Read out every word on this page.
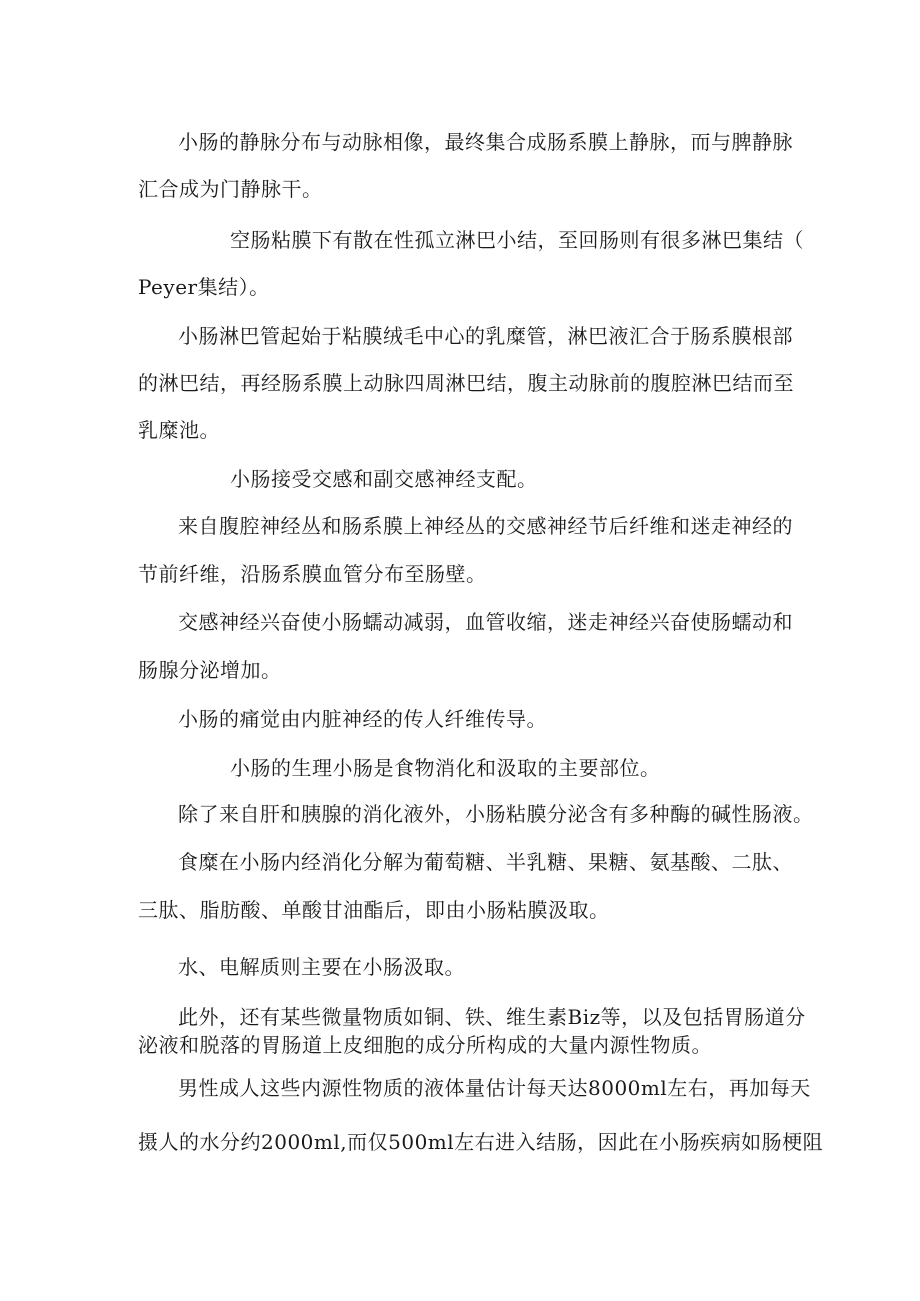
小肠的静脉分布与动脉相像，最终集合成肠系膜上静脉，而与脾静脉
汇合成为门静脉干。
空肠粘膜下有散在性孤立淋巴小结，至回肠则有很多淋巴集结（
Peyer集结）。
小肠淋巴管起始于粘膜绒毛中心的乳糜管，淋巴液汇合于肠系膜根部
的淋巴结，再经肠系膜上动脉四周淋巴结，腹主动脉前的腹腔淋巴结而至
乳糜池。
小肠接受交感和副交感神经支配。
来自腹腔神经丛和肠系膜上神经丛的交感神经节后纤维和迷走神经的
节前纤维，沿肠系膜血管分布至肠壁。
交感神经兴奋使小肠蠕动减弱，血管收缩，迷走神经兴奋使肠蠕动和
肠腺分泌增加。
小肠的痛觉由内脏神经的传人纤维传导。
小肠的生理小肠是食物消化和汲取的主要部位。
除了来自肝和胰腺的消化液外，小肠粘膜分泌含有多种酶的碱性肠液。
食糜在小肠内经消化分解为葡萄糖、半乳糖、果糖、氨基酸、二肽、
三肽、脂肪酸、单酸甘油酯后，即由小肠粘膜汲取。
水、电解质则主要在小肠汲取。
此外，还有某些微量物质如铜、铁、维生素Biz等，以及包括胃肠道分
泌液和脱落的胃肠道上皮细胞的成分所构成的大量内源性物质。
男性成人这些内源性物质的液体量估计每天达8000ml左右，再加每天
摄人的水分约2000ml,而仅500ml左右进入结肠，因此在小肠疾病如肠梗阻
